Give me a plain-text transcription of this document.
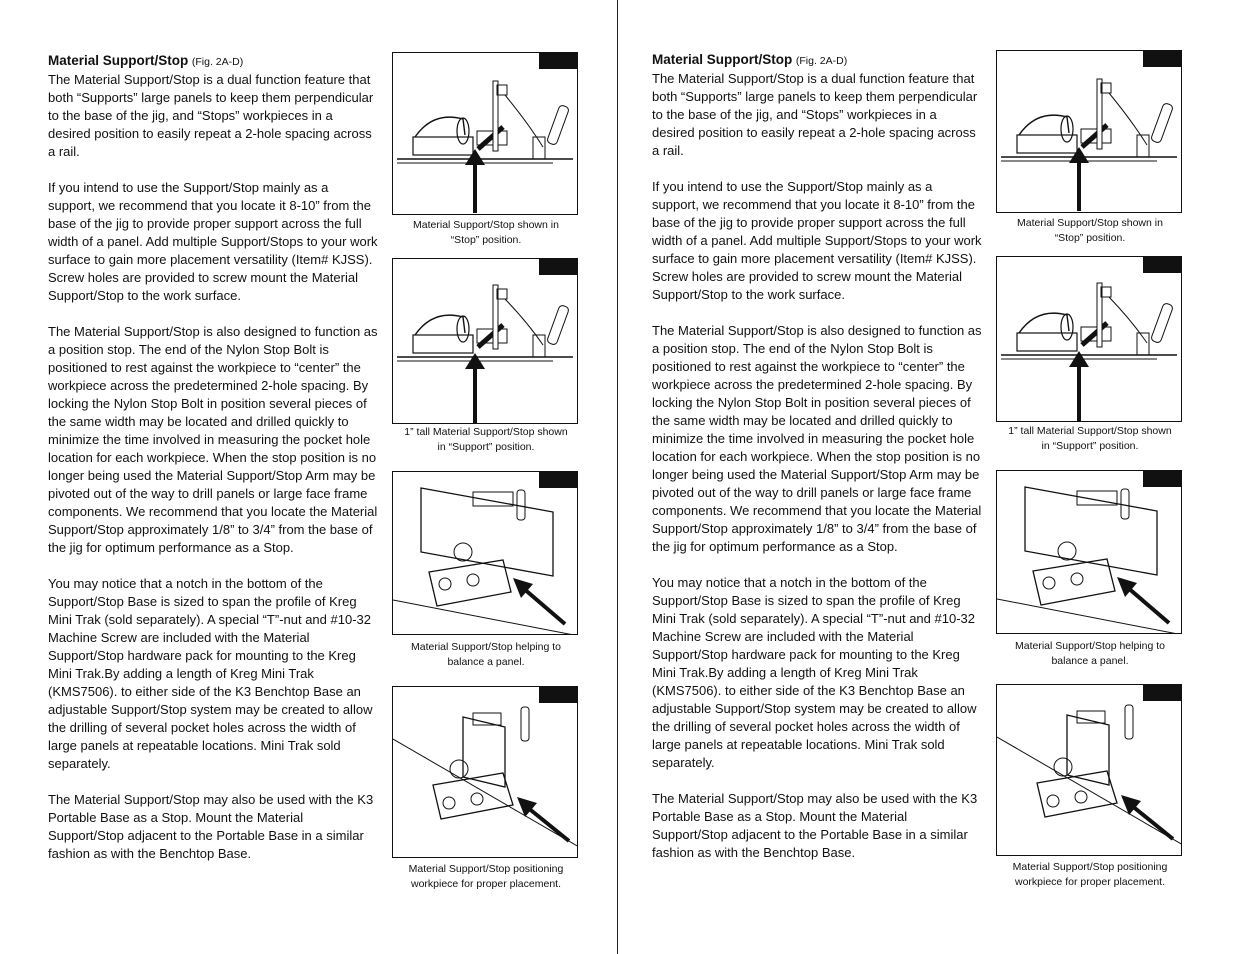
Material Support/Stop (Fig. 2A-D)
The Material Support/Stop is a dual function feature that both “Supports” large panels to keep them perpendicular to the base of the jig, and “Stops” workpieces in a desired position to easily repeat a 2-hole spacing across a rail.

If you intend to use the Support/Stop mainly as a support, we recommend that you locate it 8-10” from the base of the jig to provide proper support across the full width of a panel. Add multiple Support/Stops to your work surface to gain more placement versatility (Item# KJSS). Screw holes are provided to screw mount the Material Support/Stop to the work surface.

The Material Support/Stop is also designed to function as a position stop. The end of the Nylon Stop Bolt is positioned to rest against the workpiece to “center” the workpiece across the predetermined 2-hole spacing. By locking the Nylon Stop Bolt in position several pieces of the same width may be located and drilled quickly to minimize the time involved in measuring the pocket hole location for each workpiece. When the stop position is no longer being used the Material Support/Stop Arm may be pivoted out of the way to drill panels or large face frame components. We recommend that you locate the Material Support/Stop approximately 1/8” to 3/4” from the base of the jig for optimum performance as a Stop.

You may notice that a notch in the bottom of the Support/Stop Base is sized to span the profile of Kreg Mini Trak (sold separately). A special “T”-nut and #10-32 Machine Screw are included with the Material Support/Stop hardware pack for mounting to the Kreg Mini Trak.By adding a length of Kreg Mini Trak (KMS7506). to either side of the K3 Benchtop Base an adjustable Support/Stop system may be created to allow the drilling of several pocket holes across the width of large panels at repeatable locations. Mini Trak sold separately.

The Material Support/Stop may also be used with the K3 Portable Base as a Stop. Mount the Material Support/Stop adjacent to the Portable Base in a similar fashion as with the Benchtop Base.

Material Support/Stop shown in
“Stop” position.
1” tall Material Support/Stop shown
in “Support” position.
Material Support/Stop helping to
balance a panel.
Material Support/Stop positioning
workpiece for proper placement.

Material Support/Stop (Fig. 2A-D)
The Material Support/Stop is a dual function feature that both “Supports” large panels to keep them perpendicular to the base of the jig, and “Stops” workpieces in a desired position to easily repeat a 2-hole spacing across a rail.

If you intend to use the Support/Stop mainly as a support, we recommend that you locate it 8-10” from the base of the jig to provide proper support across the full width of a panel. Add multiple Support/Stops to your work surface to gain more placement versatility (Item# KJSS). Screw holes are provided to screw mount the Material Support/Stop to the work surface.

The Material Support/Stop is also designed to function as a position stop. The end of the Nylon Stop Bolt is positioned to rest against the workpiece to “center” the workpiece across the predetermined 2-hole spacing. By locking the Nylon Stop Bolt in position several pieces of the same width may be located and drilled quickly to minimize the time involved in measuring the pocket hole location for each workpiece. When the stop position is no longer being used the Material Support/Stop Arm may be pivoted out of the way to drill panels or large face frame components. We recommend that you locate the Material Support/Stop approximately 1/8” to 3/4” from the base of the jig for optimum performance as a Stop.

You may notice that a notch in the bottom of the Support/Stop Base is sized to span the profile of Kreg Mini Trak (sold separately). A special “T”-nut and #10-32 Machine Screw are included with the Material Support/Stop hardware pack for mounting to the Kreg Mini Trak.By adding a length of Kreg Mini Trak (KMS7506). to either side of the K3 Benchtop Base an adjustable Support/Stop system may be created to allow the drilling of several pocket holes across the width of large panels at repeatable locations. Mini Trak sold separately.

The Material Support/Stop may also be used with the K3 Portable Base as a Stop. Mount the Material Support/Stop adjacent to the Portable Base in a similar fashion as with the Benchtop Base.

Material Support/Stop shown in
“Stop” position.
1” tall Material Support/Stop shown
in “Support” position.
Material Support/Stop helping to
balance a panel.
Material Support/Stop positioning
workpiece for proper placement.
